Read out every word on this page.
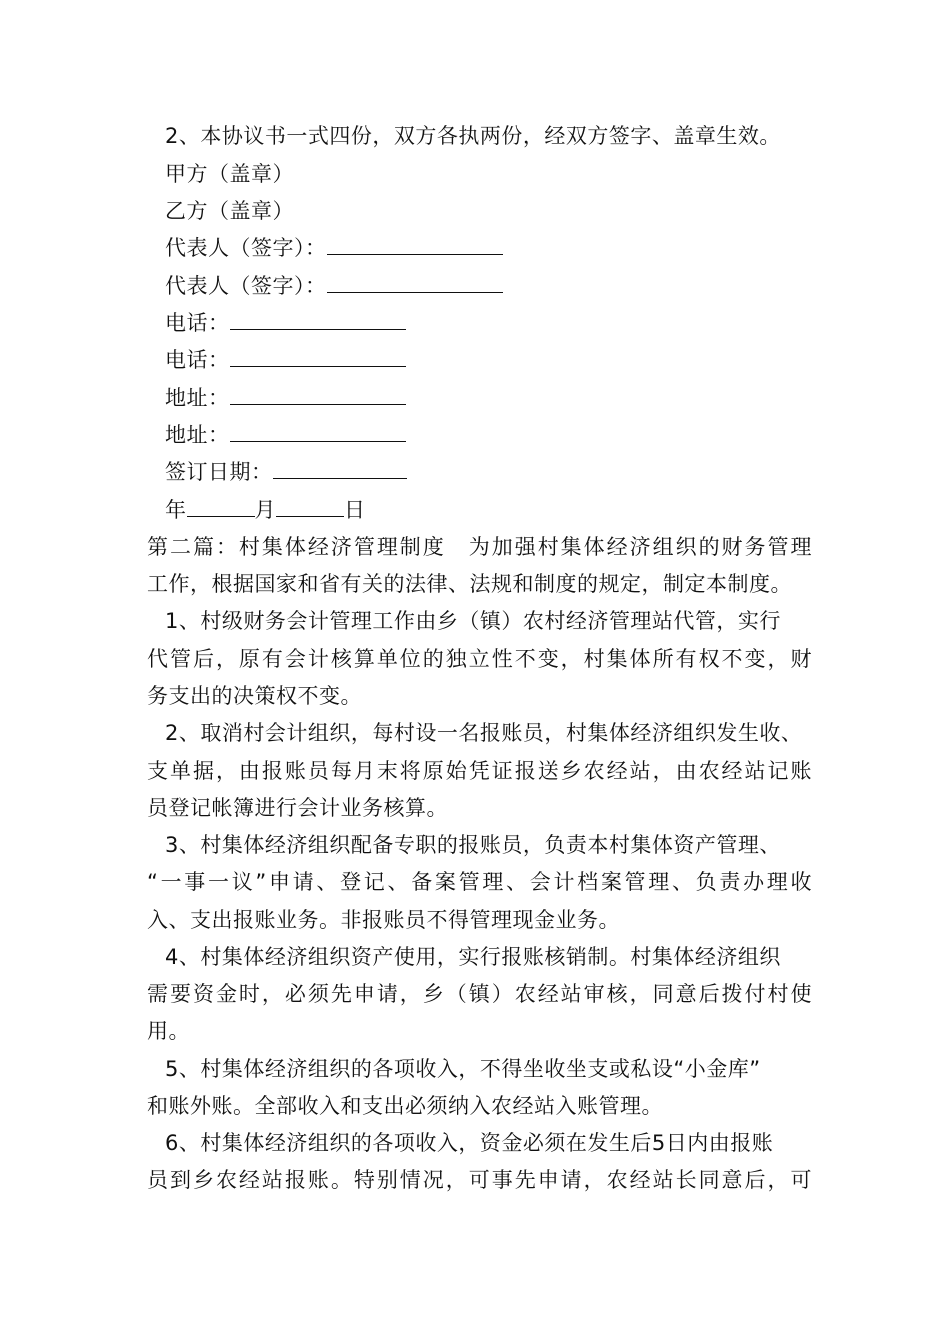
2、本协议书一式四份，双方各执两份，经双方签字、盖章生效。
甲方（盖章）
乙方（盖章）
代表人（签字）：
代表人（签字）：
电话：
电话：
地址：
地址：
签订日期：
年	月	日
第二篇：村集体经济管理制度　为加强村集体经济组织的财务管理
工作，根据国家和省有关的法律、法规和制度的规定，制定本制度。
1、村级财务会计管理工作由乡（镇）农村经济管理站代管，实行
代管后，原有会计核算单位的独立性不变，村集体所有权不变，财
务支出的决策权不变。
2、取消村会计组织，每村设一名报账员，村集体经济组织发生收、
支单据，由报账员每月末将原始凭证报送乡农经站，由农经站记账
员登记帐簿进行会计业务核算。
3、村集体经济组织配备专职的报账员，负责本村集体资产管理、
“一事一议”申请、登记、备案管理、会计档案管理、负责办理收
入、支出报账业务。非报账员不得管理现金业务。
4、村集体经济组织资产使用，实行报账核销制。村集体经济组织
需要资金时，必须先申请，乡（镇）农经站审核，同意后拨付村使
用。
5、村集体经济组织的各项收入，不得坐收坐支或私设“小金库”
和账外账。全部收入和支出必须纳入农经站入账管理。
6、村集体经济组织的各项收入，资金必须在发生后5日内由报账
员到乡农经站报账。特别情况，可事先申请，农经站长同意后，可
